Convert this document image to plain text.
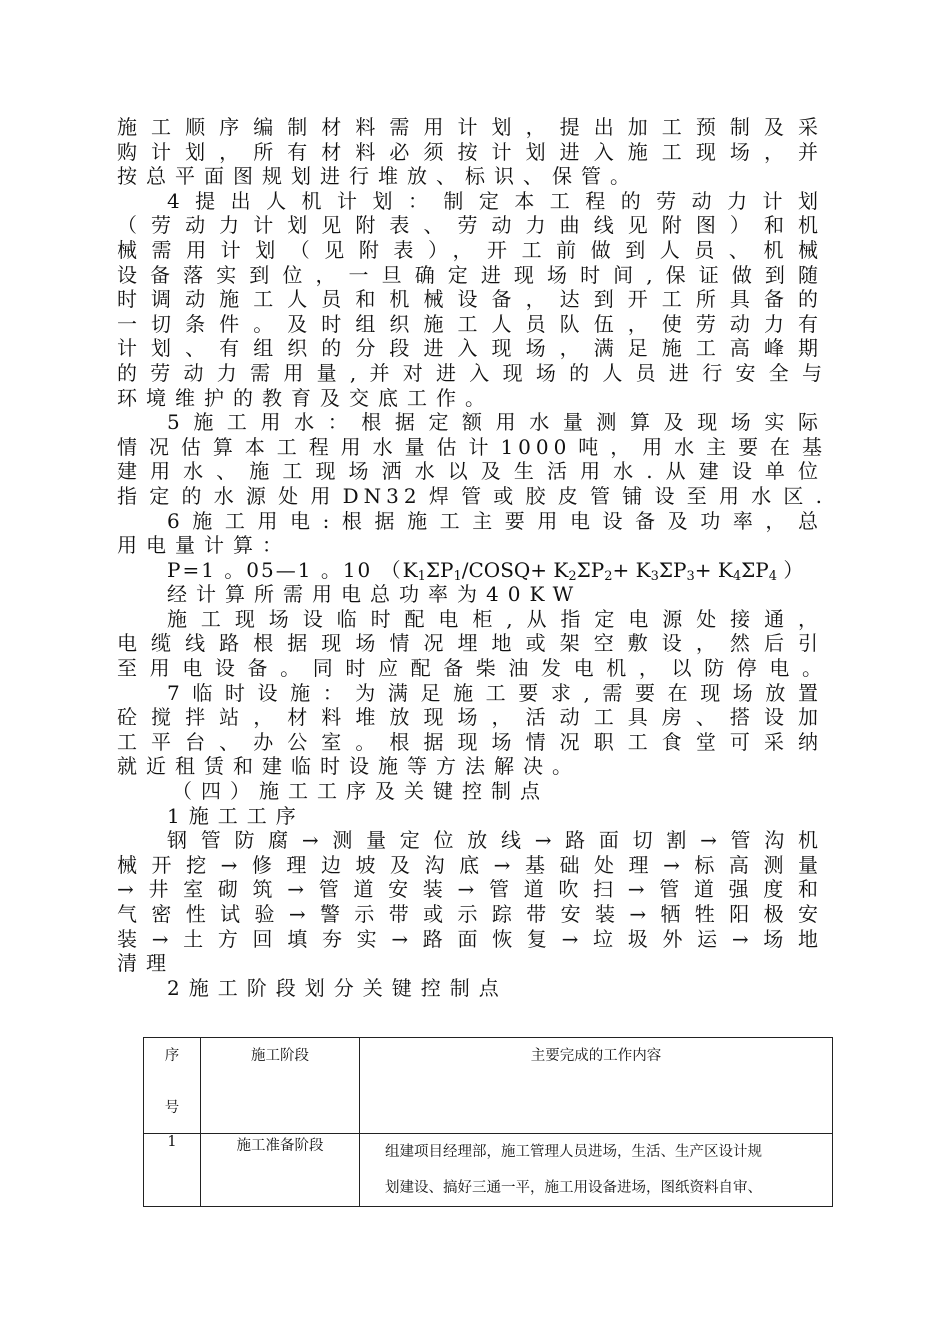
施工顺序编制材料需用计划，提出加工预制及采
购计划，所有材料必须按计划进入施工现场，并
按总平面图规划进行堆放、标识、保管。
4提出人机计划：制定本工程的劳动力计划
（劳动力计划见附表、劳动力曲线见附图）和机
械需用计划（见附表），开工前做到人员、机械
设备落实到位，一旦确定进现场时间,保证做到随
时调动施工人员和机械设备，达到开工所具备的
一切条件。及时组织施工人员队伍，使劳动力有
计划、有组织的分段进入现场，满足施工高峰期
的劳动力需用量,并对进入现场的人员进行安全与
环境维护的教育及交底工作。
5施工用水：根据定额用水量测算及现场实际
情况估算本工程用水量估计1000吨，用水主要在基
建用水、施工现场洒水以及生活用水.从建设单位
指定的水源处用DN32焊管或胶皮管铺设至用水区.
6施工用电:根据施工主要用电设备及功率，总
用电量计算：
P=1 。05—1 。10 （$K_1\Sigma P_1/COSQ+ K_2\Sigma P_2+ K_3\Sigma P_3+ K_4\Sigma P_4$ ）
经计算所需用电总功率为40KW
施工现场设临时配电柜,从指定电源处接通，
电缆线路根据现场情况埋地或架空敷设，然后引
至用电设备。同时应配备柴油发电机，以防停电。
7临时设施：为满足施工要求,需要在现场放置
砼搅拌站，材料堆放现场，活动工具房、搭设加
工平台、办公室。根据现场情况职工食堂可采纳
就近租赁和建临时设施等方法解决。
（四）施工工序及关键控制点
1施工工序
钢管防腐→测量定位放线→路面切割→管沟机
械开挖→修理边坡及沟底→基础处理→标高测量
→井室砌筑→管道安装→管道吹扫→管道强度和
气密性试验→警示带或示踪带安装→牺牲阳极安
装→土方回填夯实→路面恢复→垃圾外运→场地
清理
2施工阶段划分关键控制点
序
号	施工阶段	主要完成的工作内容
1	施工准备阶段	组建项目经理部，施工管理人员进场，生活、生产区设计规
划建设、搞好三通一平，施工用设备进场，图纸资料自审、
